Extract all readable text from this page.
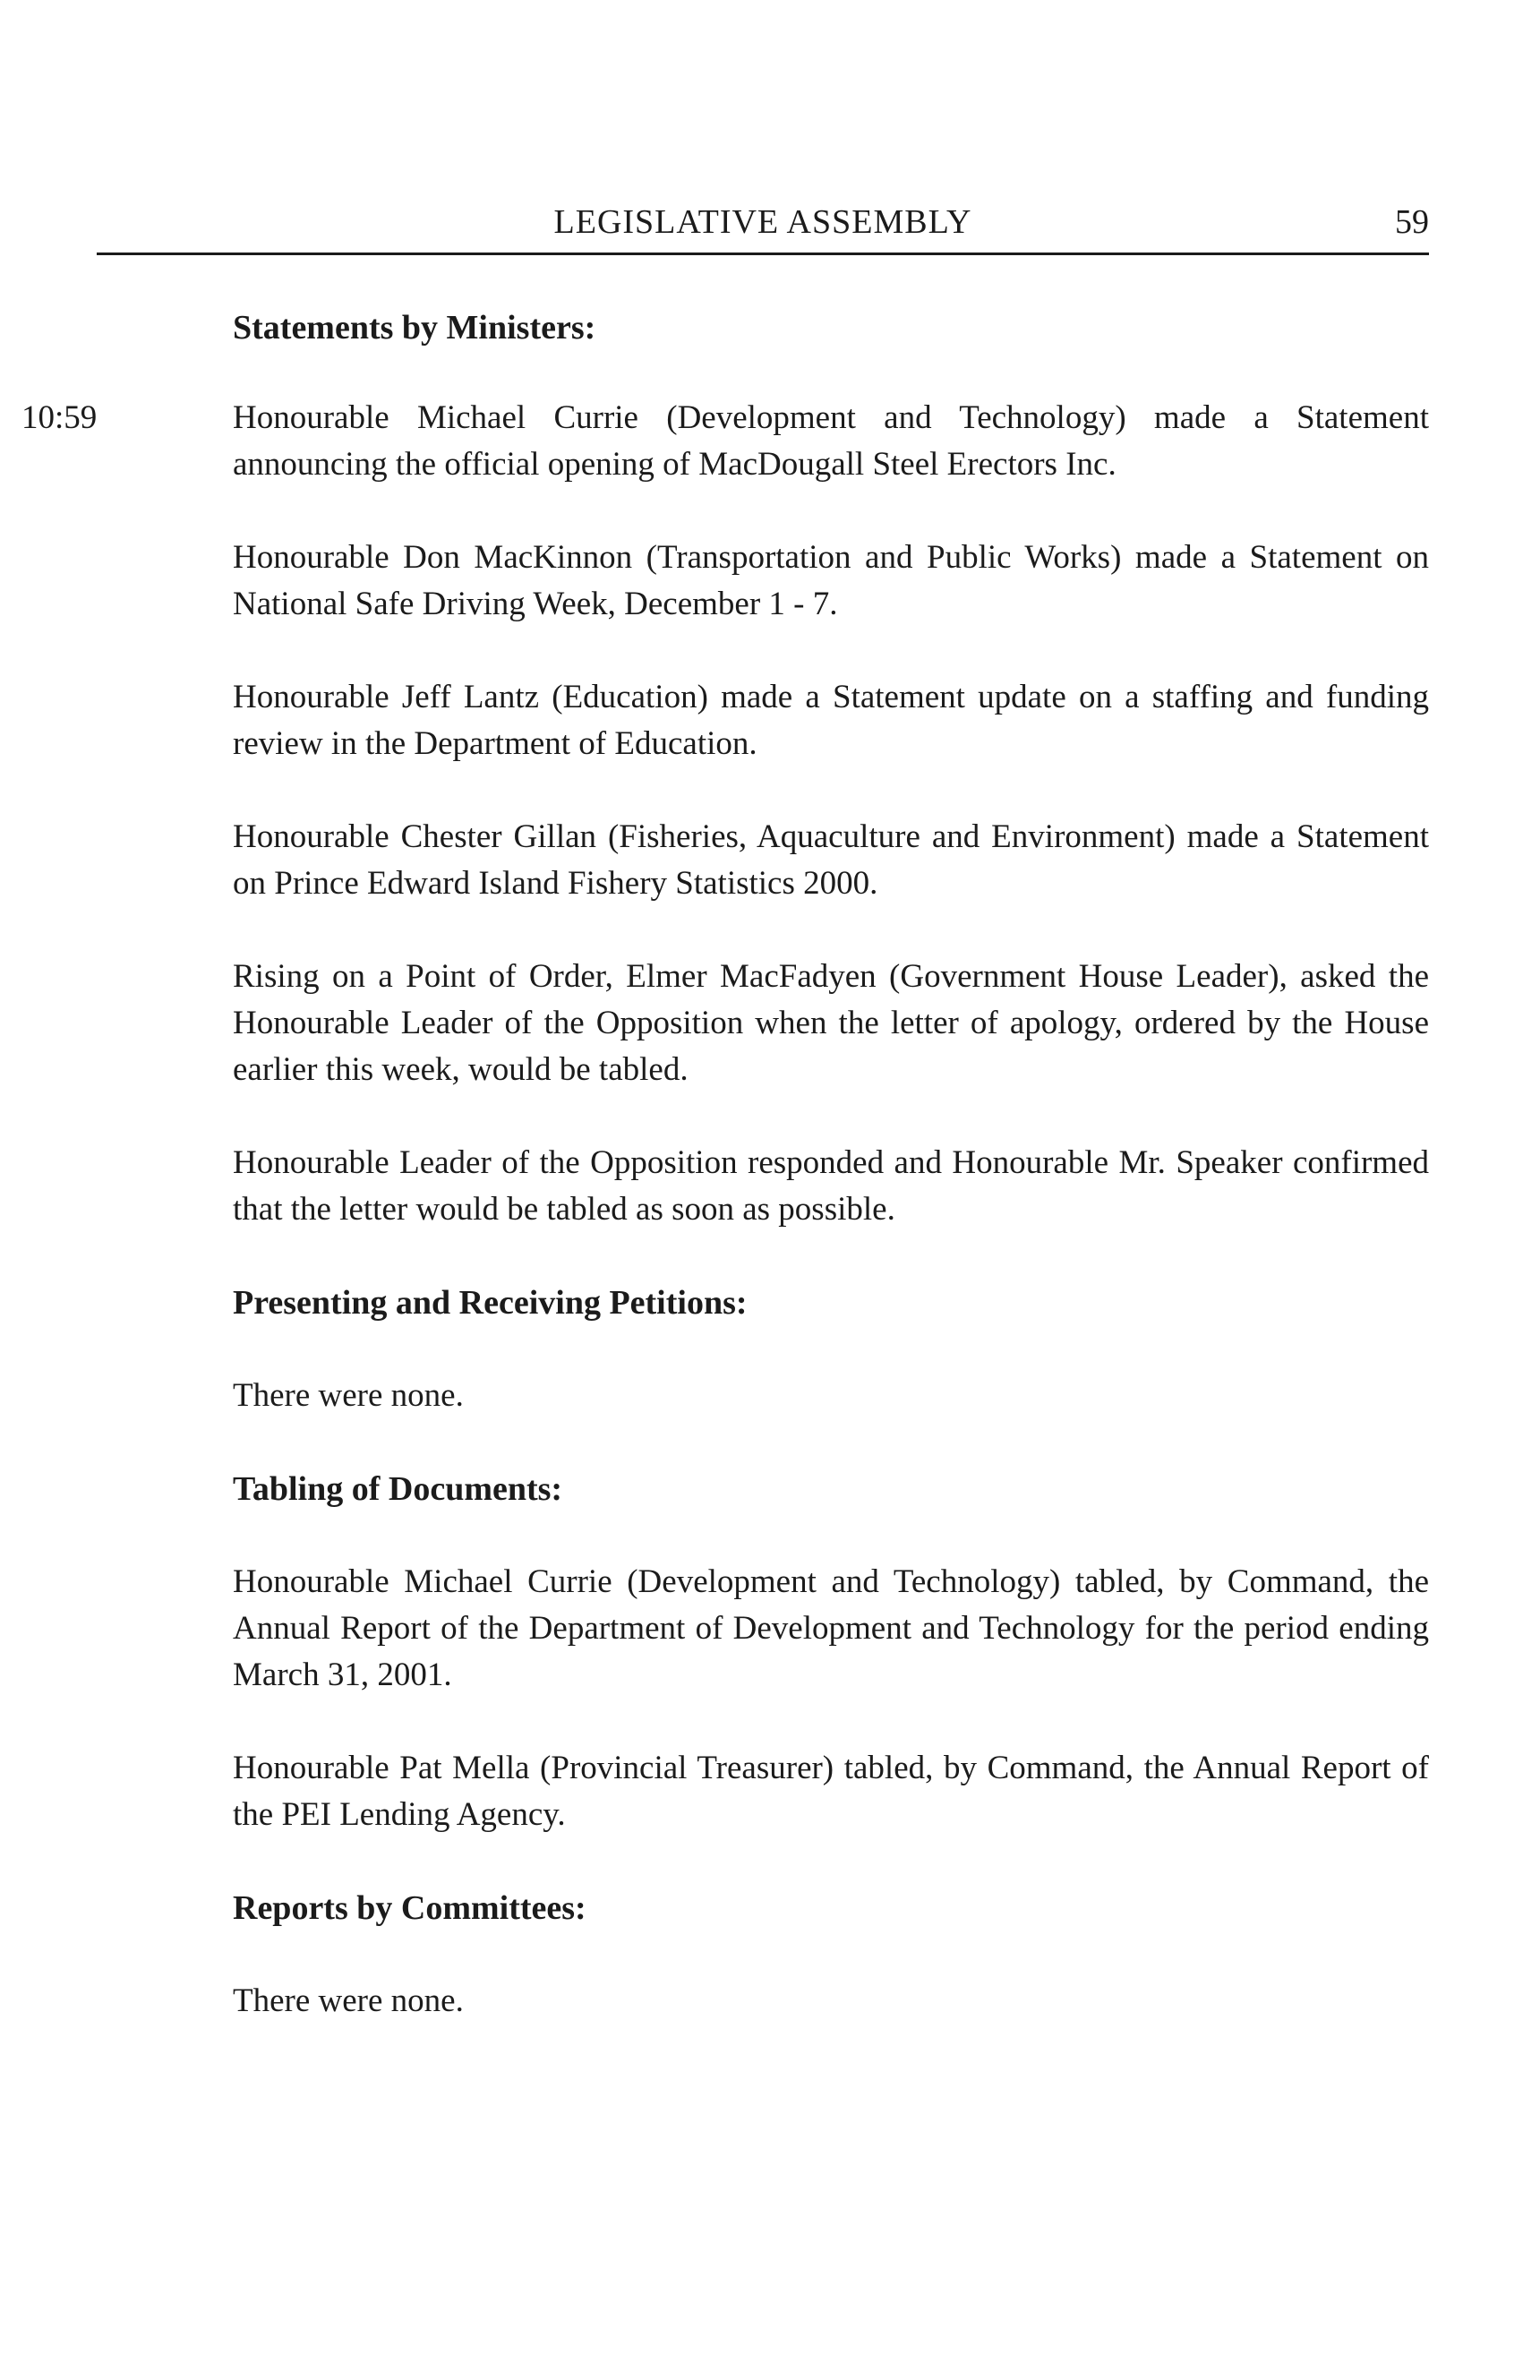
LEGISLATIVE ASSEMBLY	59
Statements by Ministers:
10:59	Honourable Michael Currie (Development and Technology) made a Statement announcing the official opening of MacDougall Steel Erectors Inc.

Honourable Don MacKinnon (Transportation and Public Works) made a Statement on National Safe Driving Week, December 1 - 7.

Honourable Jeff Lantz (Education) made a Statement update on a staffing and funding review in the Department of Education.

Honourable Chester Gillan (Fisheries, Aquaculture and Environment) made a Statement on Prince Edward Island Fishery Statistics 2000.

Rising on a Point of Order, Elmer MacFadyen (Government House Leader), asked the Honourable Leader of the Opposition when the letter of apology, ordered by the House earlier this week, would be tabled.

Honourable Leader of the Opposition responded and Honourable Mr. Speaker confirmed that the letter would be tabled as soon as possible.

Presenting and Receiving Petitions:

There were none.

Tabling of Documents:

Honourable Michael Currie (Development and Technology) tabled, by Command, the Annual Report of the Department of Development and Technology for the period ending March 31, 2001.

Honourable Pat Mella (Provincial Treasurer) tabled, by Command, the Annual Report of the PEI Lending Agency.

Reports by Committees:

There were none.
